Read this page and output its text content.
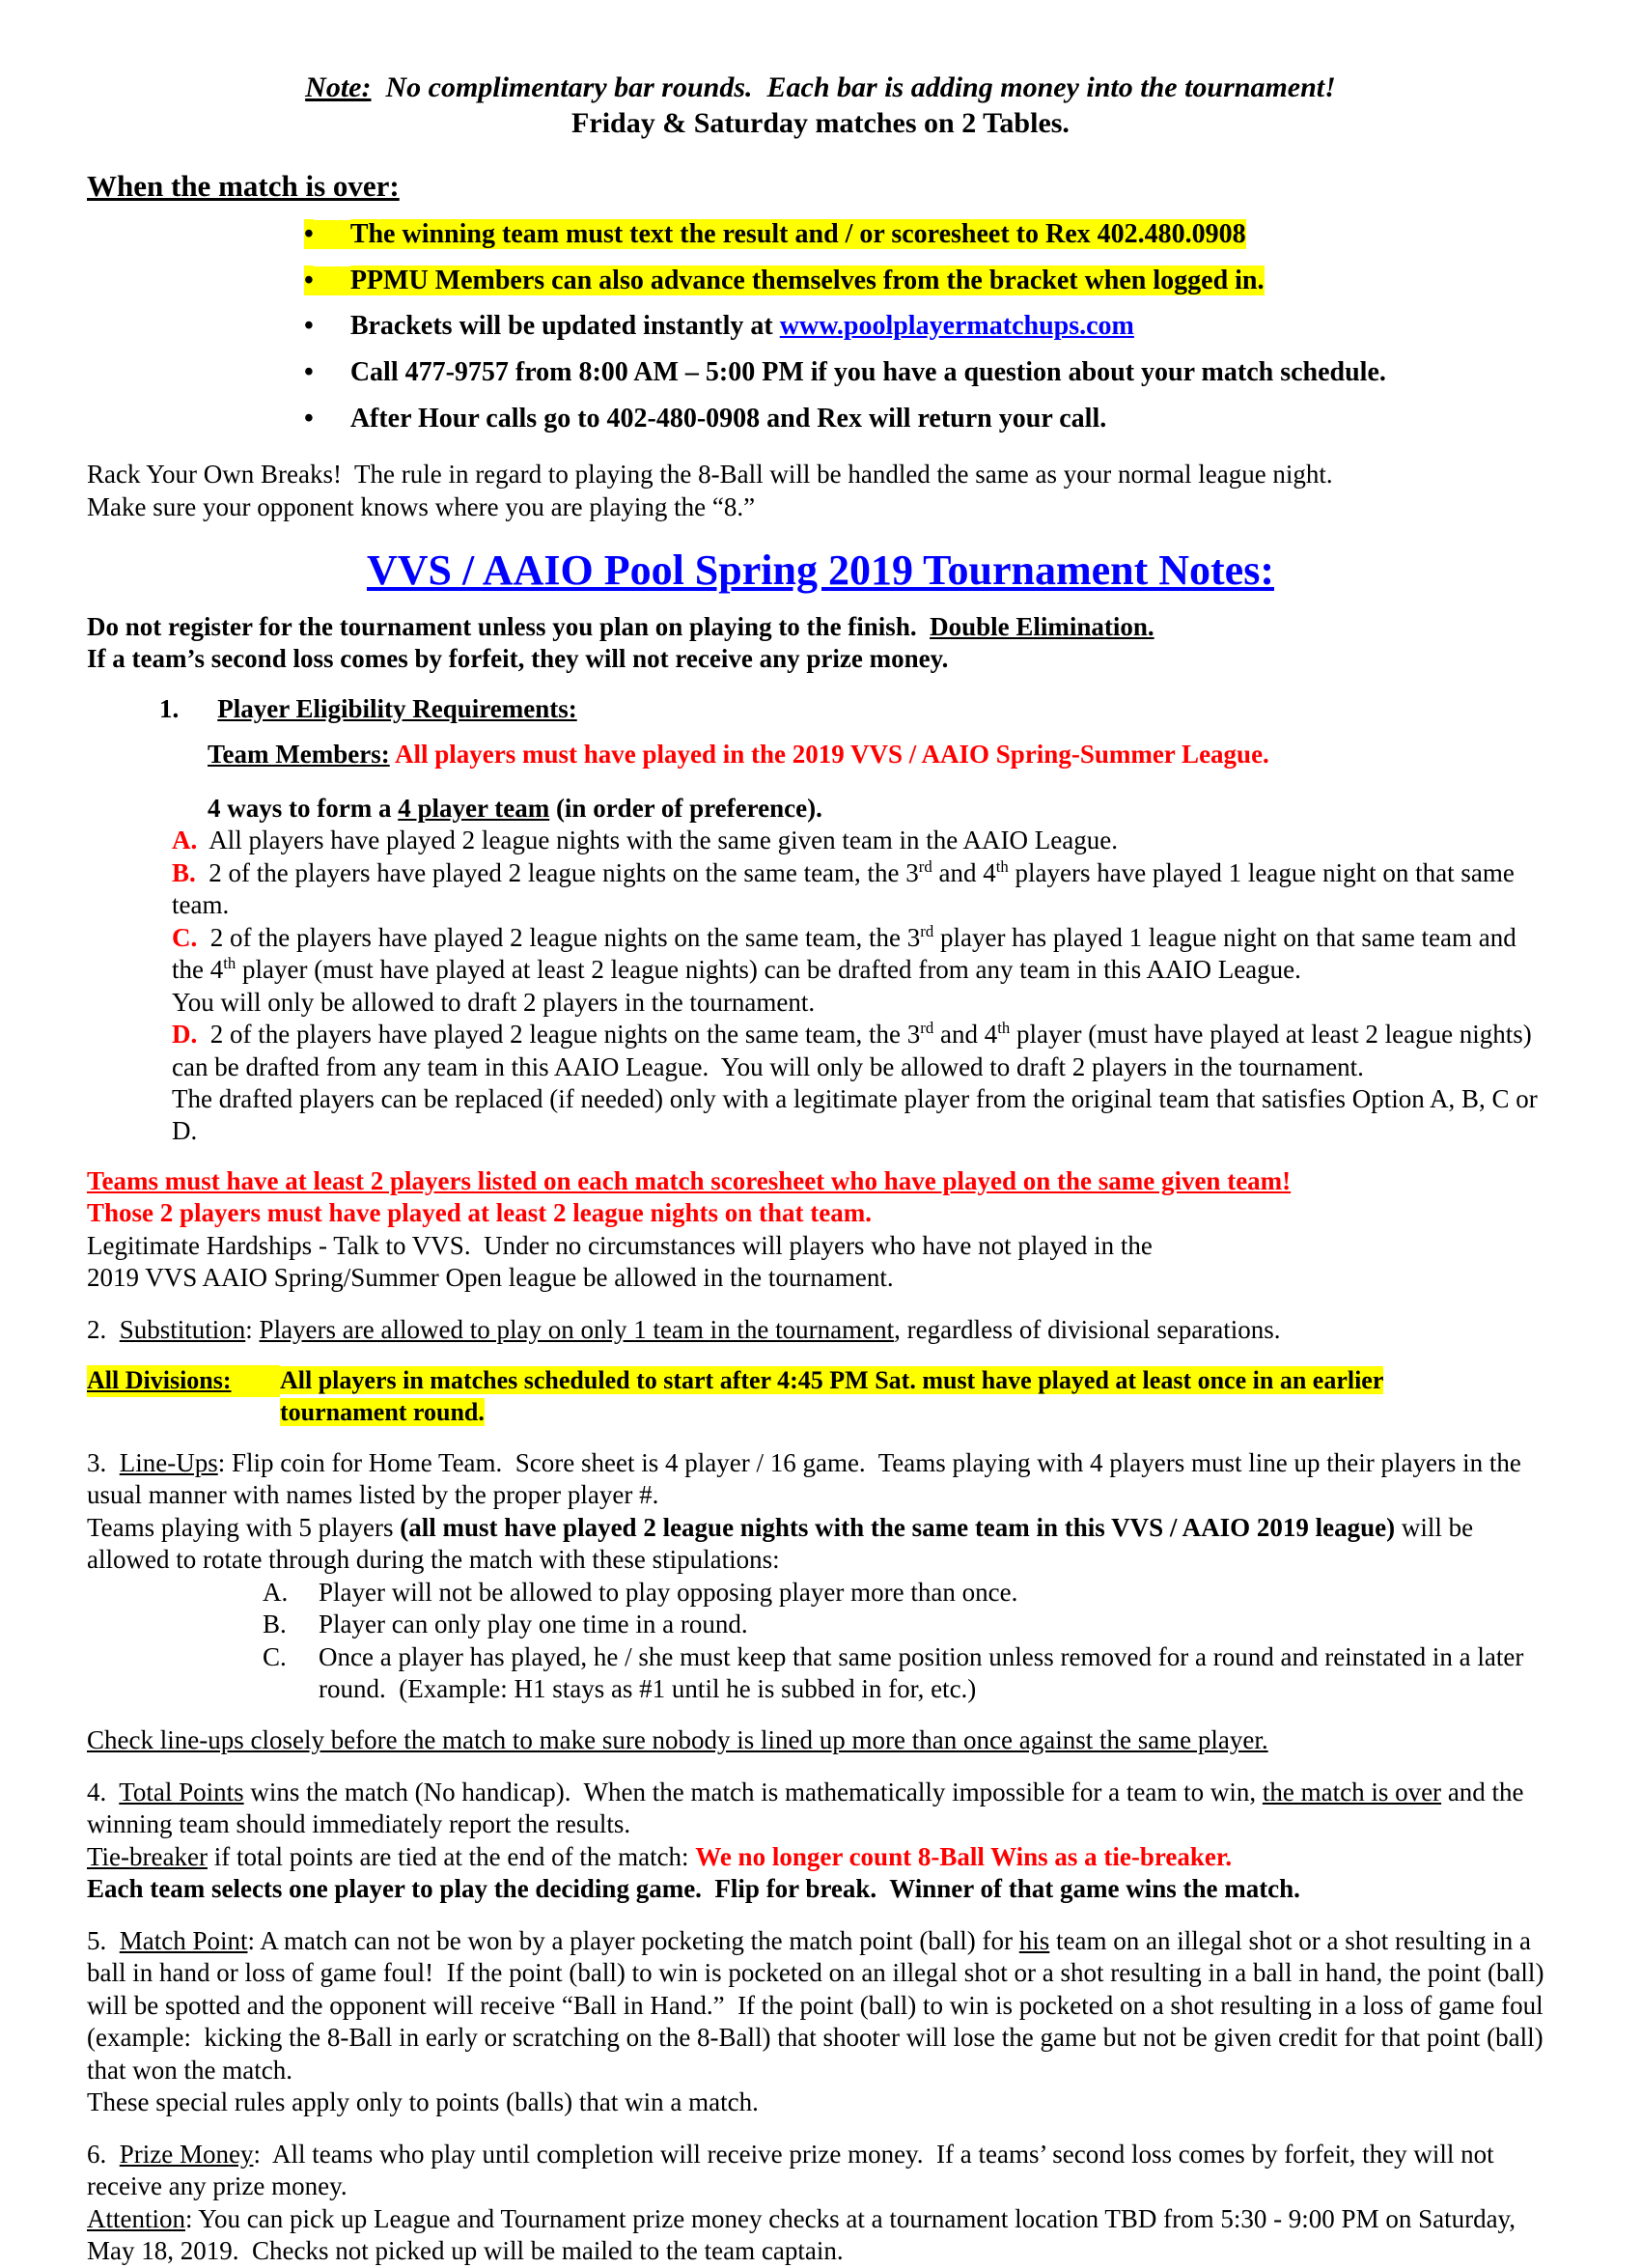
Note:  No complimentary bar rounds.  Each bar is adding money into the tournament!
Friday & Saturday matches on 2 Tables.
When the match is over:
• The winning team must text the result and / or scoresheet to Rex 402.480.0908
• PPMU Members can also advance themselves from the bracket when logged in.
• Brackets will be updated instantly at www.poolplayermatchups.com
• Call 477-9757 from 8:00 AM – 5:00 PM if you have a question about your match schedule.
• After Hour calls go to 402-480-0908 and Rex will return your call.
Rack Your Own Breaks!  The rule in regard to playing the 8-Ball will be handled the same as your normal league night.
Make sure your opponent knows where you are playing the “8.”
VVS / AAIO Pool Spring 2019 Tournament Notes:
Do not register for the tournament unless you plan on playing to the finish.  Double Elimination.
If a team’s second loss comes by forfeit, they will not receive any prize money.
1. Player Eligibility Requirements:
Team Members: All players must have played in the 2019 VVS / AAIO Spring-Summer League.
4 ways to form a 4 player team (in order of preference).
A.  All players have played 2 league nights with the same given team in the AAIO League.
B.  2 of the players have played 2 league nights on the same team, the 3rd and 4th players have played 1 league night on that same team.
C.  2 of the players have played 2 league nights on the same team, the 3rd player has played 1 league night on that same team and the 4th player (must have played at least 2 league nights) can be drafted from any team in this AAIO League.
You will only be allowed to draft 2 players in the tournament.
D.  2 of the players have played 2 league nights on the same team, the 3rd and 4th player (must have played at least 2 league nights) can be drafted from any team in this AAIO League.  You will only be allowed to draft 2 players in the tournament.
The drafted players can be replaced (if needed) only with a legitimate player from the original team that satisfies Option A, B, C or D.
Teams must have at least 2 players listed on each match scoresheet who have played on the same given team!
Those 2 players must have played at least 2 league nights on that team.
Legitimate Hardships - Talk to VVS.  Under no circumstances will players who have not played in the
2019 VVS AAIO Spring/Summer Open league be allowed in the tournament.
2.  Substitution: Players are allowed to play on only 1 team in the tournament, regardless of divisional separations.
All Divisions: All players in matches scheduled to start after 4:45 PM Sat. must have played at least once in an earlier
tournament round.
3.  Line-Ups: Flip coin for Home Team.  Score sheet is 4 player / 16 game.  Teams playing with 4 players must line up their players in the usual manner with names listed by the proper player #.
Teams playing with 5 players (all must have played 2 league nights with the same team in this VVS / AAIO 2019 league) will be allowed to rotate through during the match with these stipulations:
A. Player will not be allowed to play opposing player more than once.
B. Player can only play one time in a round.
C. Once a player has played, he / she must keep that same position unless removed for a round and reinstated in a later round.  (Example: H1 stays as #1 until he is subbed in for, etc.)
Check line-ups closely before the match to make sure nobody is lined up more than once against the same player.
4.  Total Points wins the match (No handicap).  When the match is mathematically impossible for a team to win, the match is over and the winning team should immediately report the results.
Tie-breaker if total points are tied at the end of the match: We no longer count 8-Ball Wins as a tie-breaker.
Each team selects one player to play the deciding game.  Flip for break.  Winner of that game wins the match.
5.  Match Point: A match can not be won by a player pocketing the match point (ball) for his team on an illegal shot or a shot resulting in a ball in hand or loss of game foul!  If the point (ball) to win is pocketed on an illegal shot or a shot resulting in a ball in hand, the point (ball) will be spotted and the opponent will receive “Ball in Hand.”  If the point (ball) to win is pocketed on a shot resulting in a loss of game foul (example:  kicking the 8-Ball in early or scratching on the 8-Ball) that shooter will lose the game but not be given credit for that point (ball) that won the match.
These special rules apply only to points (balls) that win a match.
6.  Prize Money:  All teams who play until completion will receive prize money.  If a teams’ second loss comes by forfeit, they will not receive any prize money.
Attention: You can pick up League and Tournament prize money checks at a tournament location TBD from 5:30 - 9:00 PM on Saturday, May 18, 2019.  Checks not picked up will be mailed to the team captain.
